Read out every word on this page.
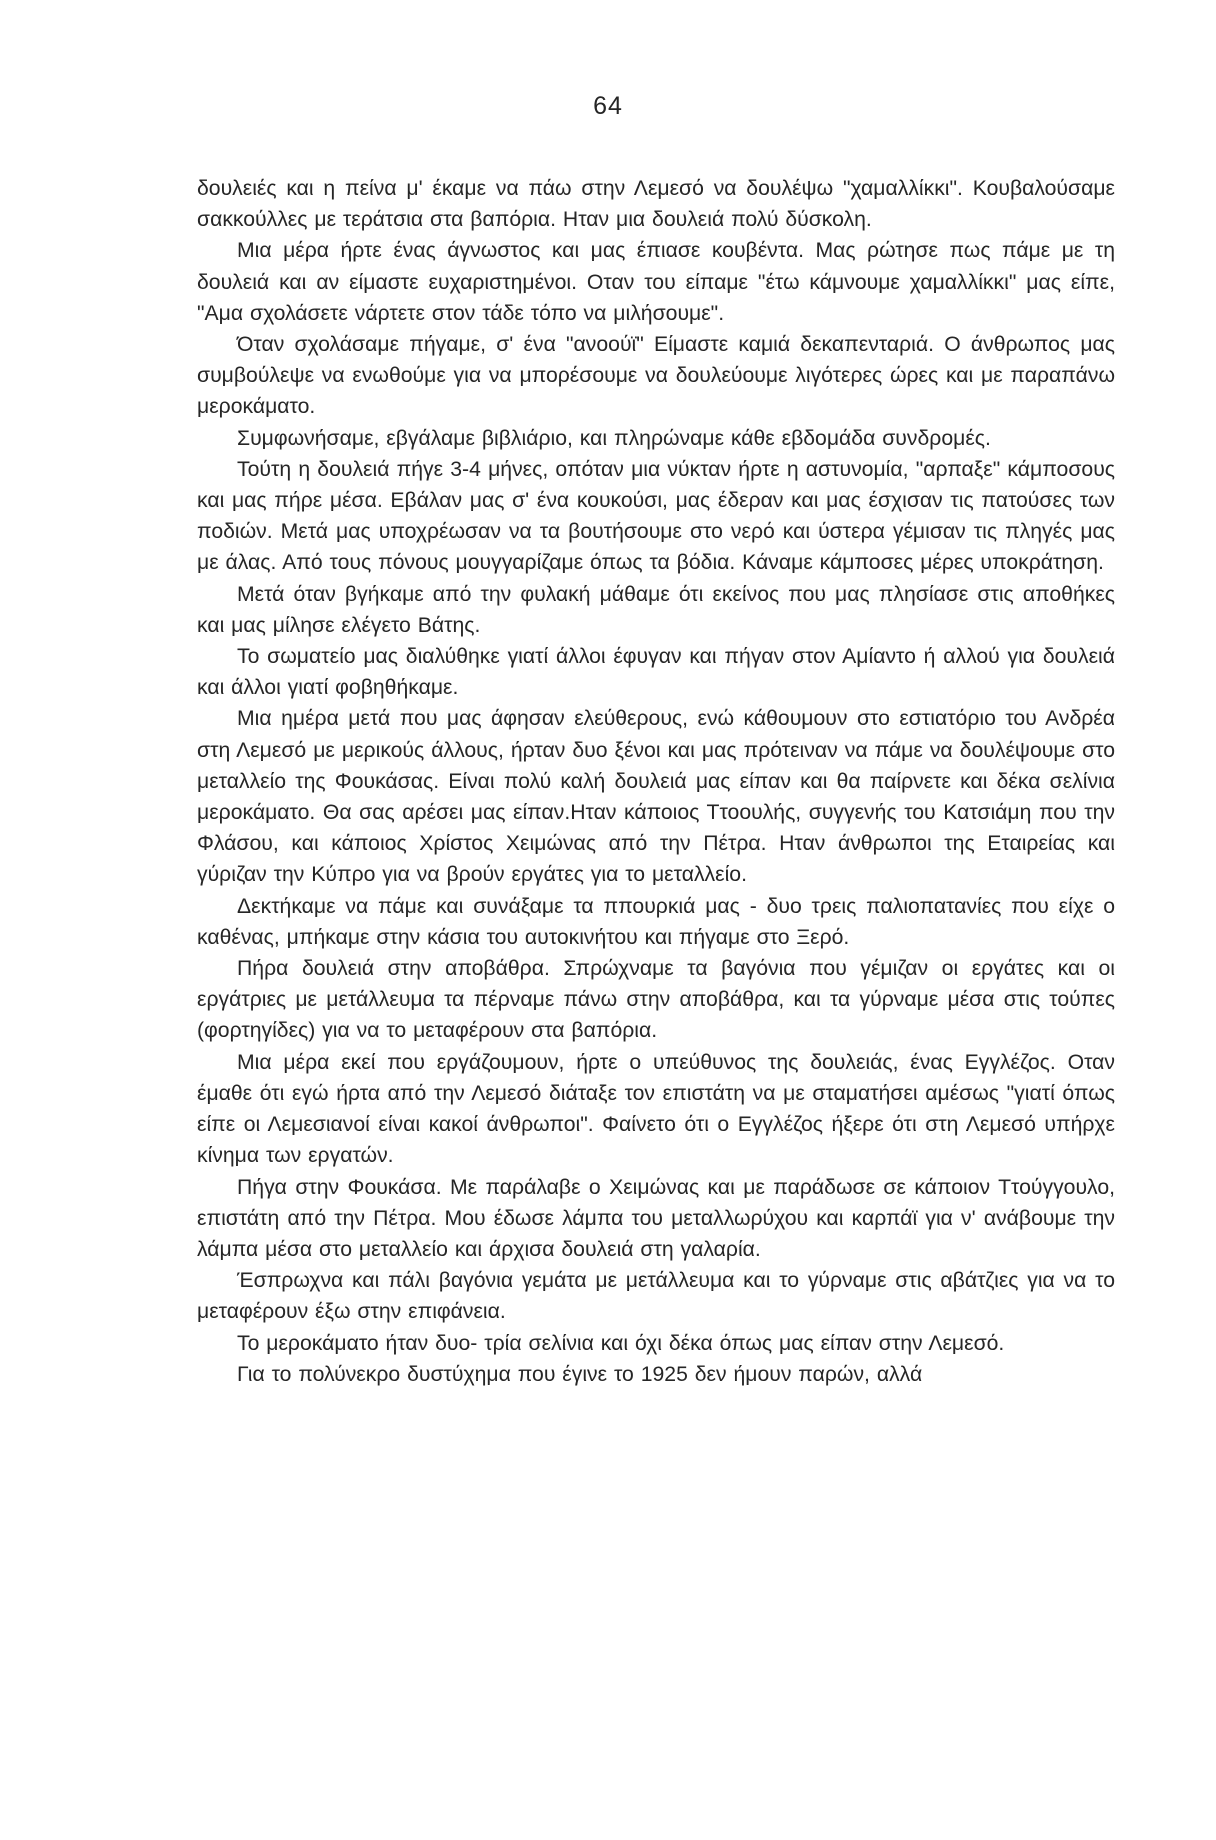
64

δουλειές και η πείνα μ' έκαμε να πάω στην Λεμεσό να δουλέψω "χαμαλλίκκι". Κουβαλούσαμε σακκούλλες με τεράτσια στα βαπόρια. Ηταν μια δουλειά πολύ δύσκολη.

Μια μέρα ήρτε ένας άγνωστος και μας έπιασε κουβέντα. Μας ρώτησε πως πάμε με τη δουλειά και αν είμαστε ευχαριστημένοι. Οταν του είπαμε "έτω κάμνουμε χαμαλλίκκι" μας είπε, "Αμα σχολάσετε νάρτετε στον τάδε τόπο να μιλήσουμε".

Όταν σχολάσαμε πήγαμε, σ' ένα "ανοούϊ" Είμαστε καμιά δεκαπενταριά. Ο άνθρωπος μας συμβούλεψε να ενωθούμε για να μπορέσουμε να δουλεύουμε λιγότερες ώρες και με παραπάνω μεροκάματο.

Συμφωνήσαμε, εβγάλαμε βιβλιάριο, και πληρώναμε κάθε εβδομάδα συνδρομές.

Τούτη η δουλειά πήγε 3-4 μήνες, οπόταν μια νύκταν ήρτε η αστυνομία, "αρπαξε" κάμποσους και μας πήρε μέσα. Εβάλαν μας σ' ένα κουκούσι, μας έδεραν και μας έσχισαν τις πατούσες των ποδιών. Μετά μας υποχρέωσαν να τα βουτήσουμε στο νερό και ύστερα γέμισαν τις πληγές μας με άλας. Από τους πόνους μουγγαρίζαμε όπως τα βόδια. Κάναμε κάμποσες μέρες υποκράτηση.

Μετά όταν βγήκαμε από την φυλακή μάθαμε ότι εκείνος που μας πλησίασε στις αποθήκες και μας μίλησε ελέγετο Βάτης.

Το σωματείο μας διαλύθηκε γιατί άλλοι έφυγαν και πήγαν στον Αμίαντο ή αλλού για δουλειά και άλλοι γιατί φοβηθήκαμε.

Μια ημέρα μετά που μας άφησαν ελεύθερους, ενώ κάθουμουν στο εστιατόριο του Ανδρέα στη Λεμεσό με μερικούς άλλους, ήρταν δυο ξένοι και μας πρότειναν να πάμε να δουλέψουμε στο μεταλλείο της Φουκάσας. Είναι πολύ καλή δουλειά μας είπαν και θα παίρνετε και δέκα σελίνια μεροκάματο. Θα σας αρέσει μας είπαν.Ηταν κάποιος Ττοουλής, συγγενής του Κατσιάμη που την Φλάσου, και κάποιος Χρίστος Χειμώνας από την Πέτρα. Ηταν άνθρωποι της Εταιρείας και γύριζαν την Κύπρο για να βρούν εργάτες για το μεταλλείο.

Δεκτήκαμε να πάμε και συνάξαμε τα ππουρκιά μας - δυο τρεις παλιοπατανίες που είχε ο καθένας, μπήκαμε στην κάσια του αυτοκινήτου και πήγαμε στο Ξερό.

Πήρα δουλειά στην αποβάθρα. Σπρώχναμε τα βαγόνια που γέμιζαν οι εργάτες και οι εργάτριες με μετάλλευμα τα πέρναμε πάνω στην αποβάθρα, και τα γύρναμε μέσα στις τούπες (φορτηγίδες) για να το μεταφέρουν στα βαπόρια.

Μια μέρα εκεί που εργάζουμουν, ήρτε ο υπεύθυνος της δουλειάς, ένας Εγγλέζος. Οταν έμαθε ότι εγώ ήρτα από την Λεμεσό διάταξε τον επιστάτη να με σταματήσει αμέσως "γιατί όπως είπε οι Λεμεσιανοί είναι κακοί άνθρωποι". Φαίνετο ότι ο Εγγλέζος ήξερε ότι στη Λεμεσό υπήρχε κίνημα των εργατών.

Πήγα στην Φουκάσα. Με παράλαβε ο Χειμώνας και με παράδωσε σε κάποιον Ττούγγουλο, επιστάτη από την Πέτρα. Μου έδωσε λάμπα του μεταλλωρύχου και καρπάϊ για ν' ανάβουμε την λάμπα μέσα στο μεταλλείο και άρχισα δουλειά στη γαλαρία.

Έσπρωχνα και πάλι βαγόνια γεμάτα με μετάλλευμα και το γύρναμε στις αβάτζιες για να το μεταφέρουν έξω στην επιφάνεια.

Το μεροκάματο ήταν δυο- τρία σελίνια και όχι δέκα όπως μας είπαν στην Λεμεσό.

Για το πολύνεκρο δυστύχημα που έγινε το 1925 δεν ήμουν παρών, αλλά
